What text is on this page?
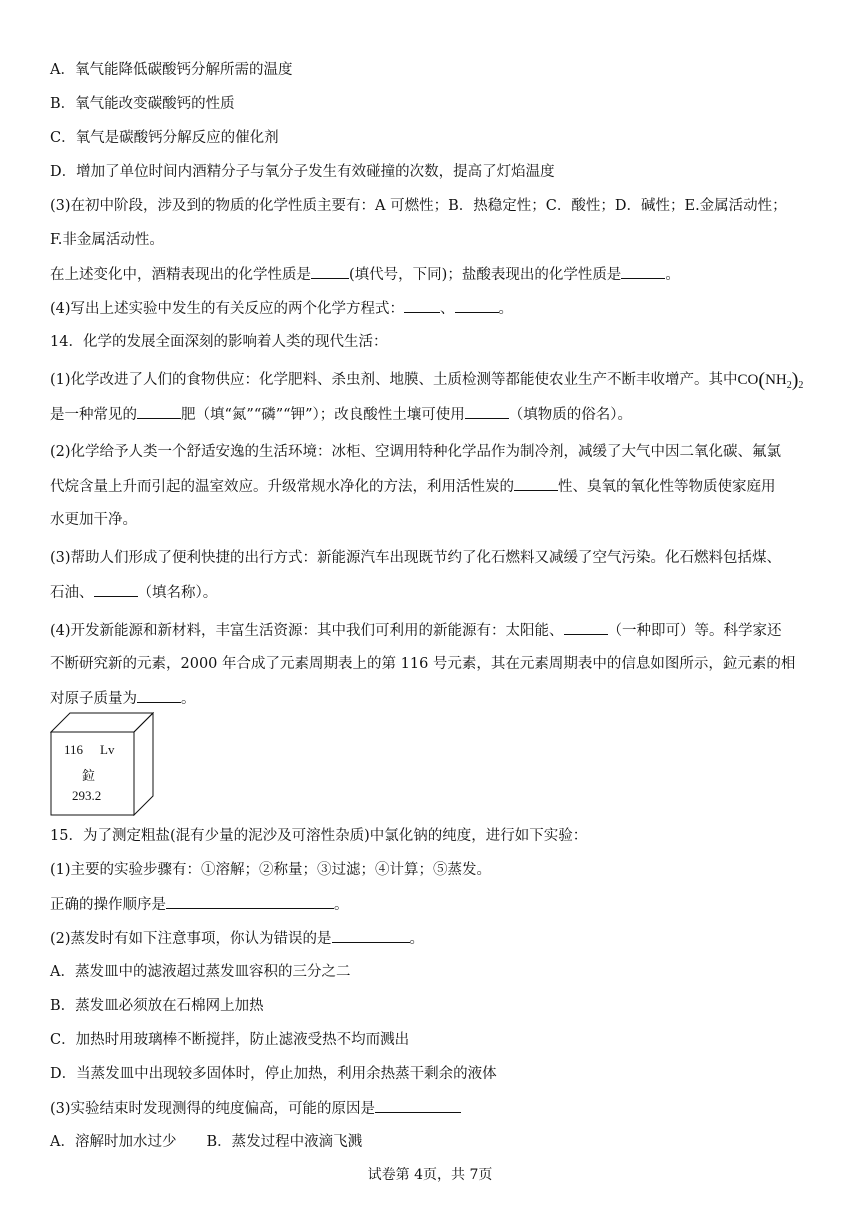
A．氧气能降低碳酸钙分解所需的温度
B．氧气能改变碳酸钙的性质
C．氧气是碳酸钙分解反应的催化剂
D．增加了单位时间内酒精分子与氧分子发生有效碰撞的次数，提高了灯焰温度
(3)在初中阶段，涉及到的物质的化学性质主要有：A 可燃性；B．热稳定性；C．酸性；D．碱性；E.金属活动性；
F.非金属活动性。
在上述变化中，酒精表现出的化学性质是	(填代号，下同)；盐酸表现出的化学性质是	。
(4)写出上述实验中发生的有关反应的两个化学方程式： 、	。
14．化学的发展全面深刻的影响着人类的现代生活：
(1)化学改进了人们的食物供应：化学肥料、杀虫剂、地膜、土质检测等都能使农业生产不断丰收增产。其中$CO(NH_2)_2$
是一种常见的	肥（填“氮”“磷”“钾”）；改良酸性土壤可使用	（填物质的俗名）。
(2)化学给予人类一个舒适安逸的生活环境：冰柜、空调用特种化学品作为制冷剂，减缓了大气中因二氧化碳、氟氯
代烷含量上升而引起的温室效应。升级常规水净化的方法，利用活性炭的	性、臭氧的氧化性等物质使家庭用
水更加干净。
(3)帮助人们形成了便利快捷的出行方式：新能源汽车出现既节约了化石燃料又减缓了空气污染。化石燃料包括煤、
石油、	（填名称）。
(4)开发新能源和新材料，丰富生活资源：其中我们可利用的新能源有：太阳能、	（一种即可）等。科学家还
不断研究新的元素，2000 年合成了元素周期表上的第 116 号元素，其在元素周期表中的信息如图所示，鉝元素的相
对原子质量为	。
116 Lv
鉝
293.2
15．为了测定粗盐(混有少量的泥沙及可溶性杂质)中氯化钠的纯度，进行如下实验：
(1)主要的实验步骤有：①溶解；②称量；③过滤；④计算；⑤蒸发。
正确的操作顺序是	。
(2)蒸发时有如下注意事项，你认为错误的是	。
A．蒸发皿中的滤液超过蒸发皿容积的三分之二
B．蒸发皿必须放在石棉网上加热
C．加热时用玻璃棒不断搅拌，防止滤液受热不均而溅出
D．当蒸发皿中出现较多固体时，停止加热，利用余热蒸干剩余的液体
(3)实验结束时发现测得的纯度偏高，可能的原因是
A．溶解时加水过少 B．蒸发过程中液滴飞溅
试卷第 4页，共 7页
